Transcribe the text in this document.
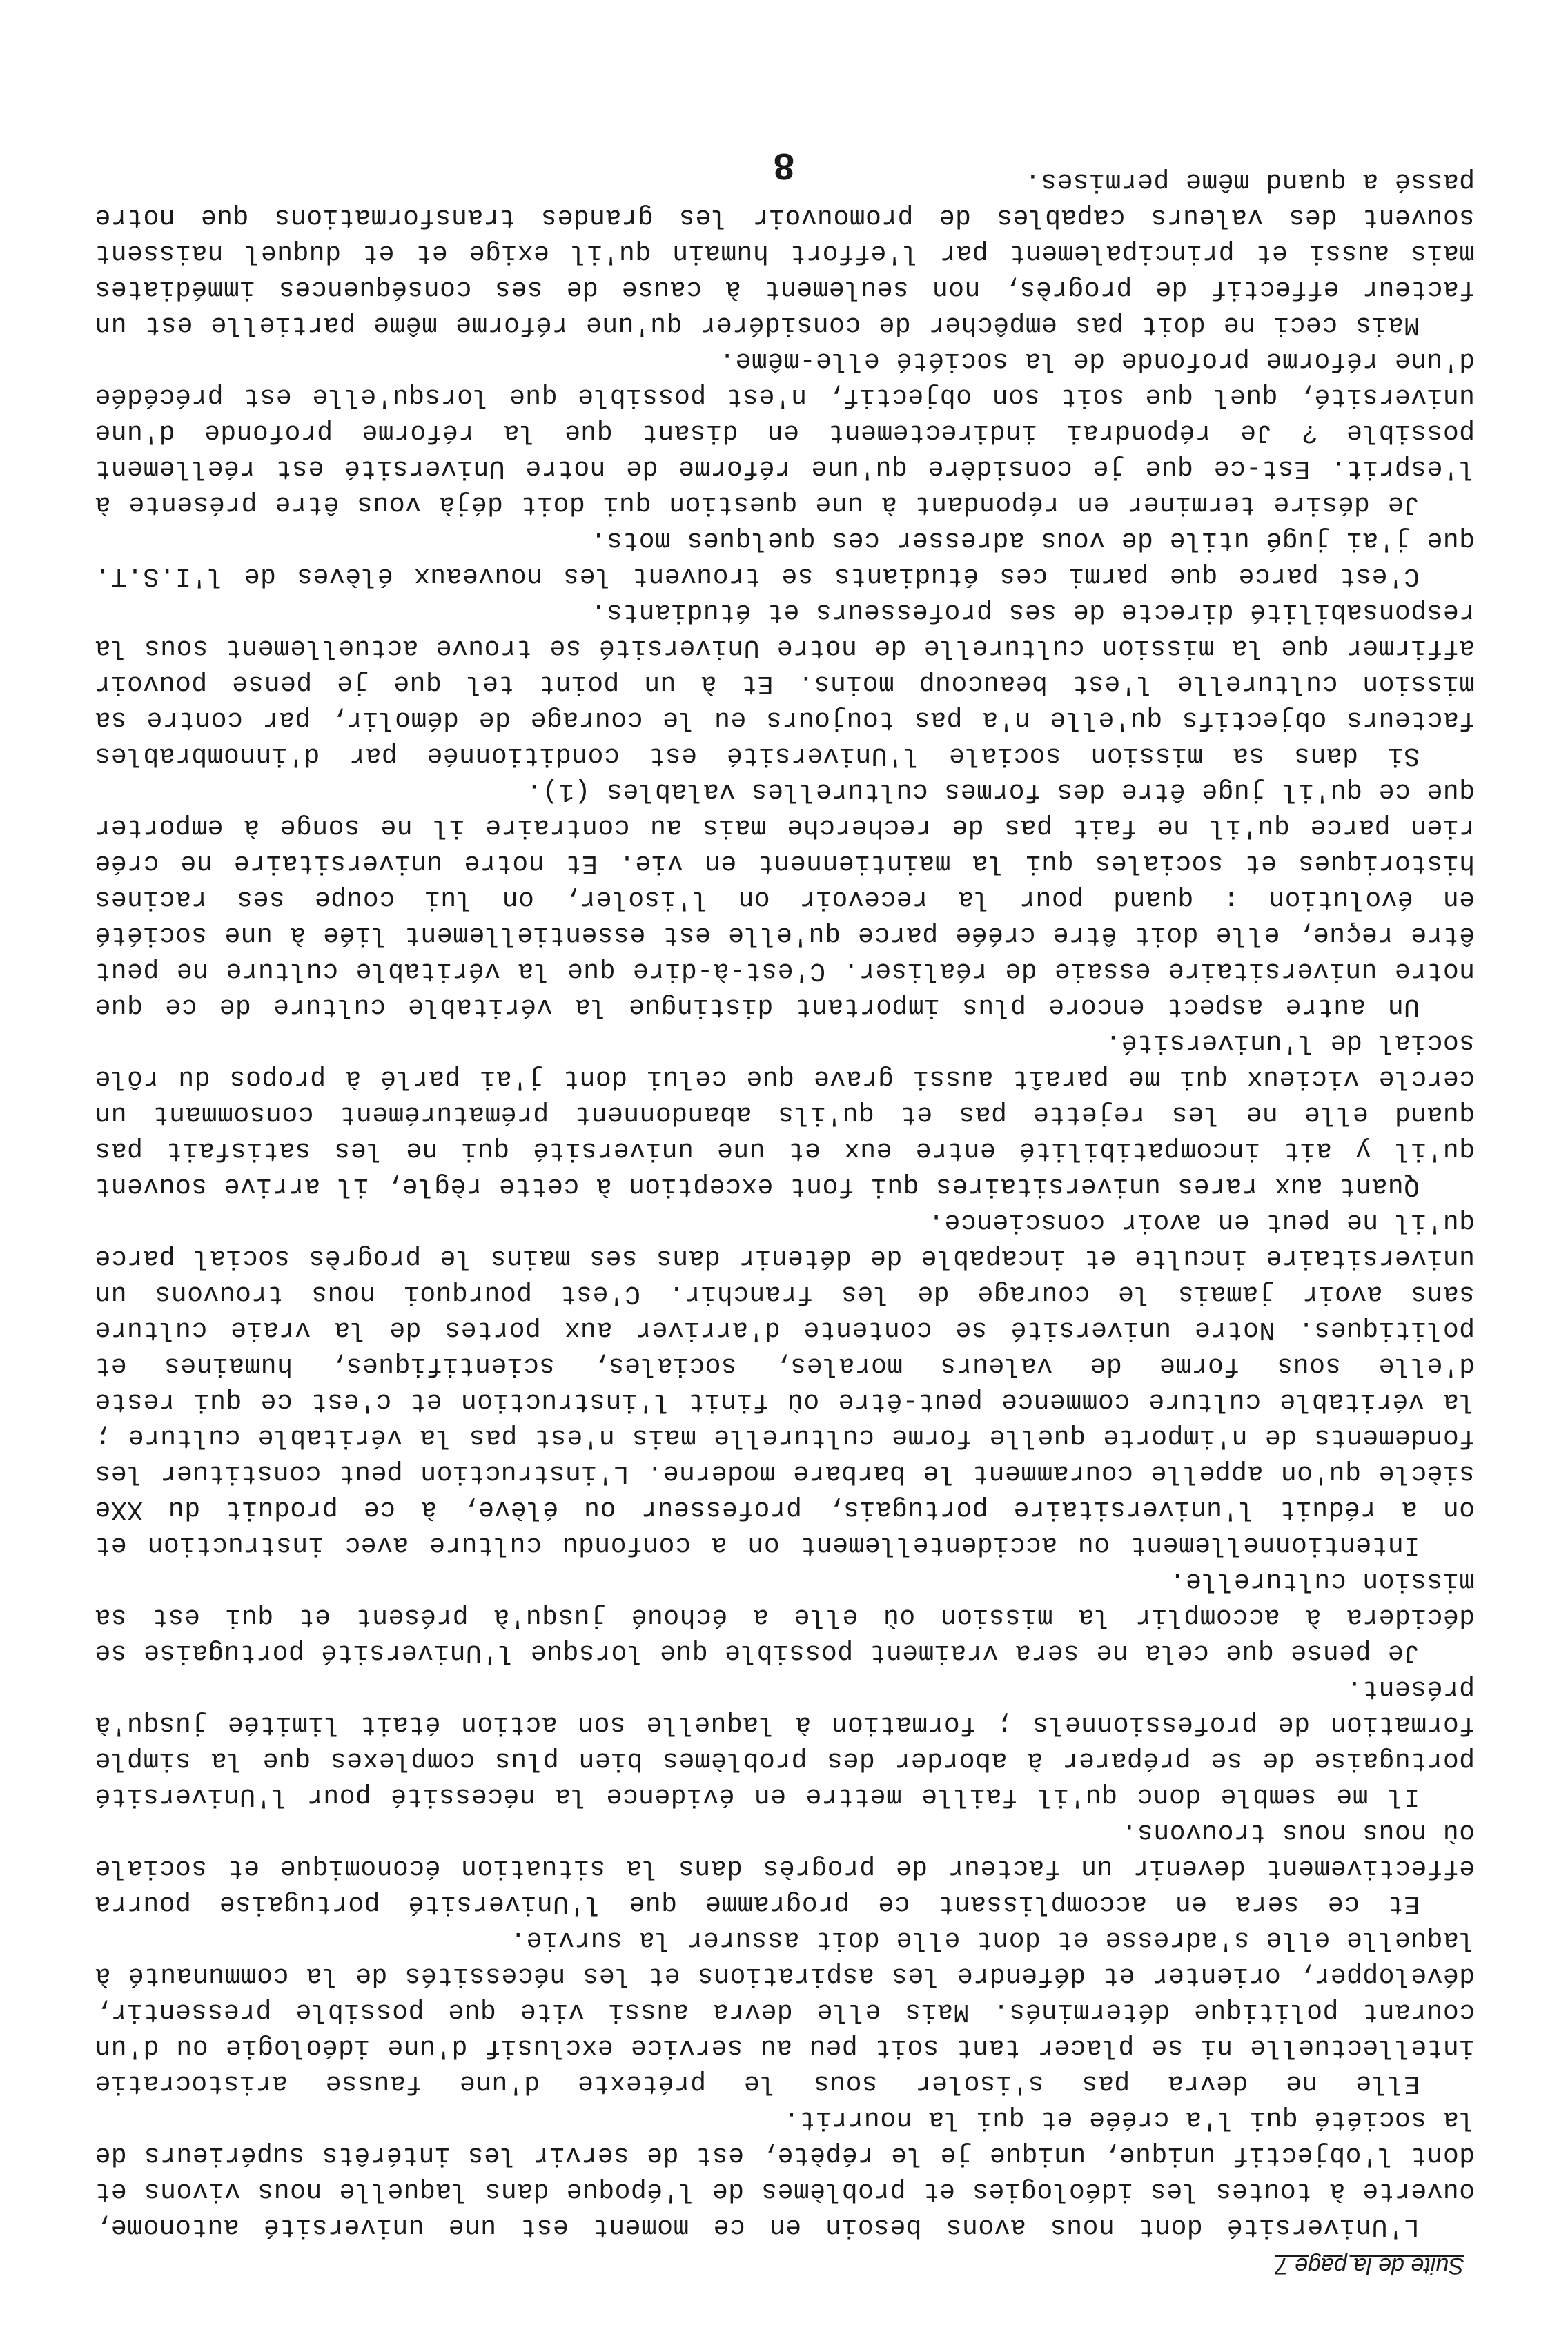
Suite de la page 7

L'Université dont nous avons besoin en ce moment est une université autonome, ouverte à toutes les idéologies et problèmes de l'époque dans laquelle nous vivons et dont l'objectif unique, unique je le répète, est de servir les intérêts supérieurs de la société qui l'a créée et qui la nourrit.

Elle ne devra pas s'isoler sous le prétexte d'une fausse aristocratie intellectuelle ni se placer tant soit peu au service exclusif d'une idéologie ou d'un courant politique déterminés. Mais elle devra aussi vite que possible pressentir, développer, orienter et défendre les aspirations et les nécessités de la communauté à laquelle elle s'adresse et dont elle doit assurer la survie.

Et ce sera en accomplissant ce programme que l'Université portugaise pourra effectivement devenir un facteur de progrès dans la situation économique et sociale où nous nous trouvons.

Il me semble donc qu'il faille mettre en évidence la nécessité pour l'Université portugaise de se préparer à aborder des problèmes bien plus complexes que la simple formation de professionnels ; formation à laquelle son action était limitée jusqu'à présent.

Je pense que cela ne sera vraiment possible que lorsque l'Université portugaise se décidera à accomplir la mission où elle a échoué jusqu'à présent et qui est sa mission culturelle.

Intentionnellement ou accidentellement on a confondu culture avec instruction et on a réduit l'universitaire portugais, professeur ou élève, à ce produit du XXe siècle qu'on appelle couramment le barbare moderne. L'instruction peut constituer les fondements de n'importe quelle forme culturelle mais n'est pas la véritable culture ; la véritable culture commence peut-être où finit l'instruction et c'est ce qui reste d'elle sous forme de valeurs morales, sociales, scientifiques, humaines et politiques. Notre université se contente d'arriver aux portes de la vraie culture sans avoir jamais le courage de les franchir. C'est pourquoi nous trouvons un universitaire inculte et incapable de détenir dans ses mains le progrès social parce qu'il ne peut en avoir conscience.

Quant aux rares universitaires qui font exception à cette règle, il arrive souvent qu'il y ait incompatibilité entre eux et une université qui ne les satisfait pas quand elle ne les rejette pas et qu'ils abandonnent prématurément consommant un cercle vicieux qui me paraît aussi grave que celui dont j'ai parlé à propos du rôle social de l'université.

Un autre aspect encore plus important distingue la véritable culture de ce que notre universitaire essaie de réaliser. C'est-à-dire que la véritable culture ne peut être reçue, elle doit être créée parce qu'elle est essentiellement liée à une société en évolution : quand pour la recevoir on l'isoler, on lui coupe ses racines historiques et sociales qui la maintiennent en vie. Et notre universitaire ne crée rien parce qu'il ne fait pas de recherche mais au contraire il ne songe à emporter que ce qu'il juge être des formes culturelles valables (1).

Si dans sa mission sociale l'Université est conditionnée par d'innombrables facteurs objectifs qu'elle n'a pas toujours eu le courage de démolir, par contre sa mission culturelle l'est beaucoup moins. Et à un point tel que je pense pouvoir affirmer que la mission culturelle de notre Université se trouve actuellement sous la responsabilité directe de ses professeurs et étudiants.

C'est parce que parmi ces étudiants se trouvent les nouveaux élèves de l'I.S.T. que j'ai jugé utile de vous adresser ces quelques mots.

Je désire terminer en répondant à une question qui doit déjà vous être présente à l'esprit. Est-ce que je considère qu'une réforme de notre Université est réellement possible ? Je répondrai indirectement en disant que la réforme profonde d'une université, quel que soit son objectif, n'est possible que lorsqu'elle est précédée d'une réforme profonde de la société elle-même.

Mais ceci ne doit pas empêcher de considérer qu'une réforme même partielle est un facteur effectif de progrès, non seulement à cause de ses conséquences immédiates mais aussi et principalement par l'effort humain qu'il exige et et duquel naissent souvent des valeurs capables de promouvoir les grandes transformations que notre passé a quand même permises.

8
